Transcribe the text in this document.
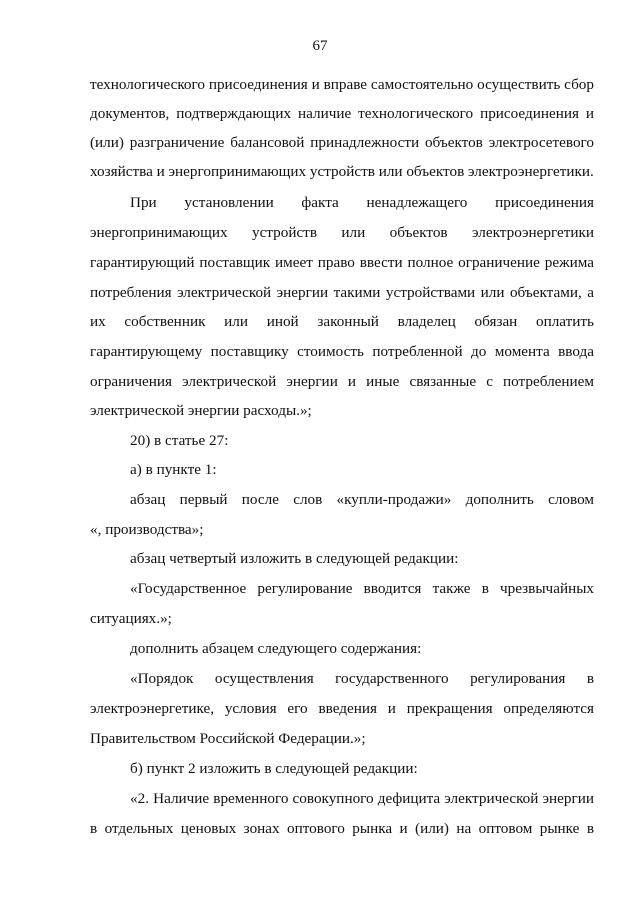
67
технологического присоединения и вправе самостоятельно осуществить сбор
документов, подтверждающих наличие технологического присоединения и
(или) разграничение балансовой принадлежности объектов электросетевого
хозяйства и энергопринимающих устройств или объектов электроэнергетики.
При установлении факта ненадлежащего присоединения
энергопринимающих устройств или объектов электроэнергетики
гарантирующий поставщик имеет право ввести полное ограничение режима
потребления электрической энергии такими устройствами или объектами, а
их собственник или иной законный владелец обязан оплатить
гарантирующему поставщику стоимость потребленной до момента ввода
ограничения электрической энергии и иные связанные с потреблением
электрической энергии расходы.»;
20) в статье 27:
а) в пункте 1:
абзац первый после слов «купли-продажи» дополнить словом
«, производства»;
абзац четвертый изложить в следующей редакции:
«Государственное регулирование вводится также в чрезвычайных
ситуациях.»;
дополнить абзацем следующего содержания:
«Порядок осуществления государственного регулирования в
электроэнергетике, условия его введения и прекращения определяются
Правительством Российской Федерации.»;
б) пункт 2 изложить в следующей редакции:
«2. Наличие временного совокупного дефицита электрической энергии
в отдельных ценовых зонах оптового рынка и (или) на оптовом рынке в
